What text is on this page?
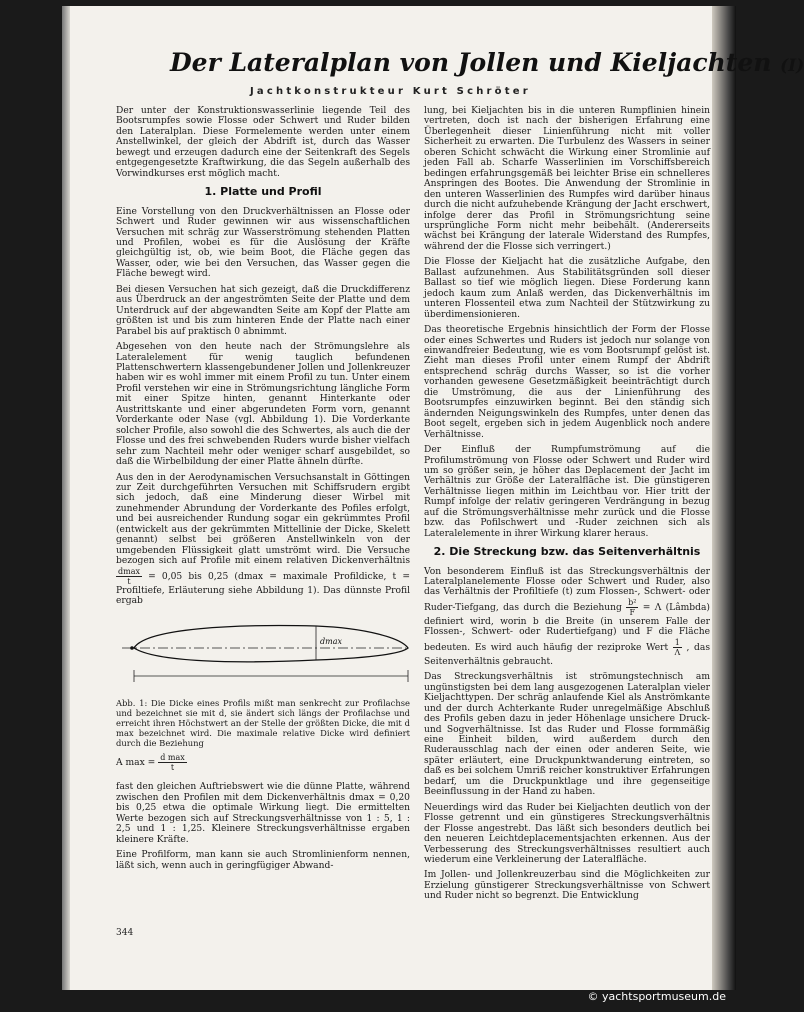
Der Lateralplan von Jollen und Kieljachten (I)
Jachtkonstrukteur Kurt Schröter

Der unter der Konstruktionswasserlinie liegende Teil des Bootsrumpfes sowie Flosse oder Schwert und Ruder bilden den Lateralplan. Diese Formelemente werden unter einem Anstellwinkel, der gleich der Abdrift ist, durch das Wasser bewegt und erzeugen dadurch eine der Seitenkraft des Segels entgegengesetzte Kraftwirkung, die das Segeln außerhalb des Vorwindkurses erst möglich macht.

1. Platte und Profil

Eine Vorstellung von den Druckverhältnissen an Flosse oder Schwert und Ruder gewinnen wir aus wissenschaftlichen Versuchen mit schräg zur Wasserströmung stehenden Platten und Profilen, wobei es für die Auslösung der Kräfte gleichgültig ist, ob, wie beim Boot, die Fläche gegen das Wasser, oder, wie bei den Versuchen, das Wasser gegen die Fläche bewegt wird.

Bei diesen Versuchen hat sich gezeigt, daß die Druckdifferenz aus Überdruck an der angeströmten Seite der Platte und dem Unterdruck auf der abgewandten Seite am Kopf der Platte am größten ist und bis zum hinteren Ende der Platte nach einer Parabel bis auf praktisch 0 abnimmt.

Abgesehen von den heute nach der Strömungslehre als Lateralelement für wenig tauglich befundenen Plattenschwertern klassengebundener Jollen und Jollenkreuzer haben wir es wohl immer mit einem Profil zu tun. Unter einem Profil verstehen wir eine in Strömungsrichtung längliche Form mit einer Spitze hinten, genannt Hinterkante oder Austrittskante und einer abgerundeten Form vorn, genannt Vorderkante oder Nase (vgl. Abbildung 1). Die Vorderkante solcher Profile, also sowohl die des Schwertes, als auch die der Flosse und des frei schwebenden Ruders wurde bisher vielfach sehr zum Nachteil mehr oder weniger scharf ausgebildet, so daß die Wirbelbildung der einer Platte ähneln dürfte.

Aus den in der Aerodynamischen Versuchsanstalt in Göttingen zur Zeit durchgeführten Versuchen mit Schiffsrudern ergibt sich jedoch, daß eine Minderung dieser Wirbel mit zunehmender Abrundung der Vorderkante des Pofiles erfolgt, und bei ausreichender Rundung sogar ein gekrümmtes Profil (entwickelt aus der gekrümmten Mittellinie der Dicke, Skelett genannt) selbst bei größeren Anstellwinkeln von der umgebenden Flüssigkeit glatt umströmt wird. Die Versuche bezogen sich auf Profile mit einem relativen Dickenverhältnis
$\frac{dmax}{t} = 0,05$ bis 0,25 (dmax = maximale Profildicke, t = Profiltiefe, Erläuterung siehe Abbildung 1). Das dünnste Profil ergab

dmax

Abb. 1: Die Dicke eines Profils mißt man senkrecht zur Profilachse und bezeichnet sie mit d, sie ändert sich längs der Profilachse und erreicht ihren Höchstwert an der Stelle der größten Dicke, die mit d max bezeichnet wird. Die maximale relative Dicke wird definiert durch die Beziehung

A $\max = \frac{\text{d max}}{t}$

fast den gleichen Auftriebswert wie die dünne Platte, während zwischen den Profilen mit dem Dickenverhältnis dmax = 0,20 bis 0,25 etwa die optimale Wirkung liegt. Die ermittelten Werte bezogen sich auf Streckungsverhältnisse von 1 : 5, 1 : 2,5 und 1 : 1,25. Kleinere Streckungsverhältnisse ergaben kleinere Kräfte.

Eine Profilform, man kann sie auch Stromlinienform nennen, läßt sich, wenn auch in geringfügiger Abwand-

lung, bei Kieljachten bis in die unteren Rumpflinien hinein vertreten, doch ist nach der bisherigen Erfahrung eine Überlegenheit dieser Linienführung nicht mit voller Sicherheit zu erwarten. Die Turbulenz des Wassers in seiner oberen Schicht schwächt die Wirkung einer Stromlinie auf jeden Fall ab. Scharfe Wasserlinien im Vorschiffsbereich bedingen erfahrungsgemäß bei leichter Brise ein schnelleres Anspringen des Bootes. Die Anwendung der Stromlinie in den unteren Wasserlinien des Rumpfes wird darüber hinaus durch die nicht aufzuhebende Krängung der Jacht erschwert, infolge derer das Profil in Strömungsrichtung seine ursprüngliche Form nicht mehr beibehält. (Andererseits wächst bei Krängung der laterale Widerstand des Rumpfes, während der die Flosse sich verringert.)

Die Flosse der Kieljacht hat die zusätzliche Aufgabe, den Ballast aufzunehmen. Aus Stabilitätsgründen soll dieser Ballast so tief wie möglich liegen. Diese Forderung kann jedoch kaum zum Anlaß werden, das Dickenverhältnis im unteren Flossenteil etwa zum Nachteil der Stützwirkung zu überdimensionieren.

Das theoretische Ergebnis hinsichtlich der Form der Flosse oder eines Schwertes und Ruders ist jedoch nur solange von einwandfreier Bedeutung, wie es vom Bootsrumpf gelöst ist. Zieht man dieses Profil unter einem Rumpf der Abdrift entsprechend schräg durchs Wasser, so ist die vorher vorhanden gewesene Gesetzmäßigkeit beeinträchtigt durch die Umströmung, die aus der Linienführung des Bootsrumpfes einzuwirken beginnt. Bei den ständig sich ändernden Neigungswinkeln des Rumpfes, unter denen das Boot segelt, ergeben sich in jedem Augenblick noch andere Verhältnisse.

Der Einfluß der Rumpfumströmung auf die Profilumströmung von Flosse oder Schwert und Ruder wird um so größer sein, je höher das Deplacement der Jacht im Verhältnis zur Größe der Lateralfläche ist. Die günstigeren Verhältnisse liegen mithin im Leichtbau vor. Hier tritt der Rumpf infolge der relativ geringeren Verdrängung in bezug auf die Strömungsverhältnisse mehr zurück und die Flosse bzw. das Pofilschwert und -Ruder zeichnen sich als Lateralelemente in ihrer Wirkung klarer heraus.

2. Die Streckung bzw. das Seitenverhältnis

Von besonderem Einfluß ist das Streckungsverhältnis der Lateralplanelemente Flosse oder Schwert und Ruder, also das Verhältnis der Profiltiefe (t) zum Flossen-, Schwert- oder Ruder-Tiefgang, das durch die Beziehung $\frac{\text{b²}}{F} = \Lambda$ (Lâmbda) definiert wird, worin b die Breite (in unserem Falle der Flossen-, Schwert- oder Rudertiefgang) und F die Fläche bedeuten. Es wird auch häufig der reziproke Wert $\frac{1}{\Lambda}$ , das Seitenverhältnis gebraucht.

Das Streckungsverhältnis ist strömungstechnisch am ungünstigsten bei dem lang ausgezogenen Lateralplan vieler Kieljachttypen. Der schräg anlaufende Kiel als Anströmkante und der durch Achterkante Ruder unregelmäßige Abschluß des Profils geben dazu in jeder Höhenlage unsichere Druck- und Sogverhältnisse. Ist das Ruder und Flosse formmäßig eine Einheit bilden, wird außerdem durch den Ruderausschlag nach der einen oder anderen Seite, wie später erläutert, eine Druckpunktwanderung eintreten, so daß es bei solchem Umriß reicher konstruktiver Erfahrungen bedarf, um die Druckpunktlage und ihre gegenseitige Beeinflussung in der Hand zu haben.

Neuerdings wird das Ruder bei Kieljachten deutlich von der Flosse getrennt und ein günstigeres Streckungsverhältnis der Flosse angestrebt. Das läßt sich besonders deutlich bei den neueren Leichtdeplacementsjachten erkennen. Aus der Verbesserung des Streckungsverhältnisses resultiert auch wiederum eine Verkleinerung der Lateralfläche.

Im Jollen- und Jollenkreuzerbau sind die Möglichkeiten zur Erzielung günstigerer Streckungsverhältnisse von Schwert und Ruder nicht so begrenzt. Die Entwicklung

344
© yachtsportmuseum.de
